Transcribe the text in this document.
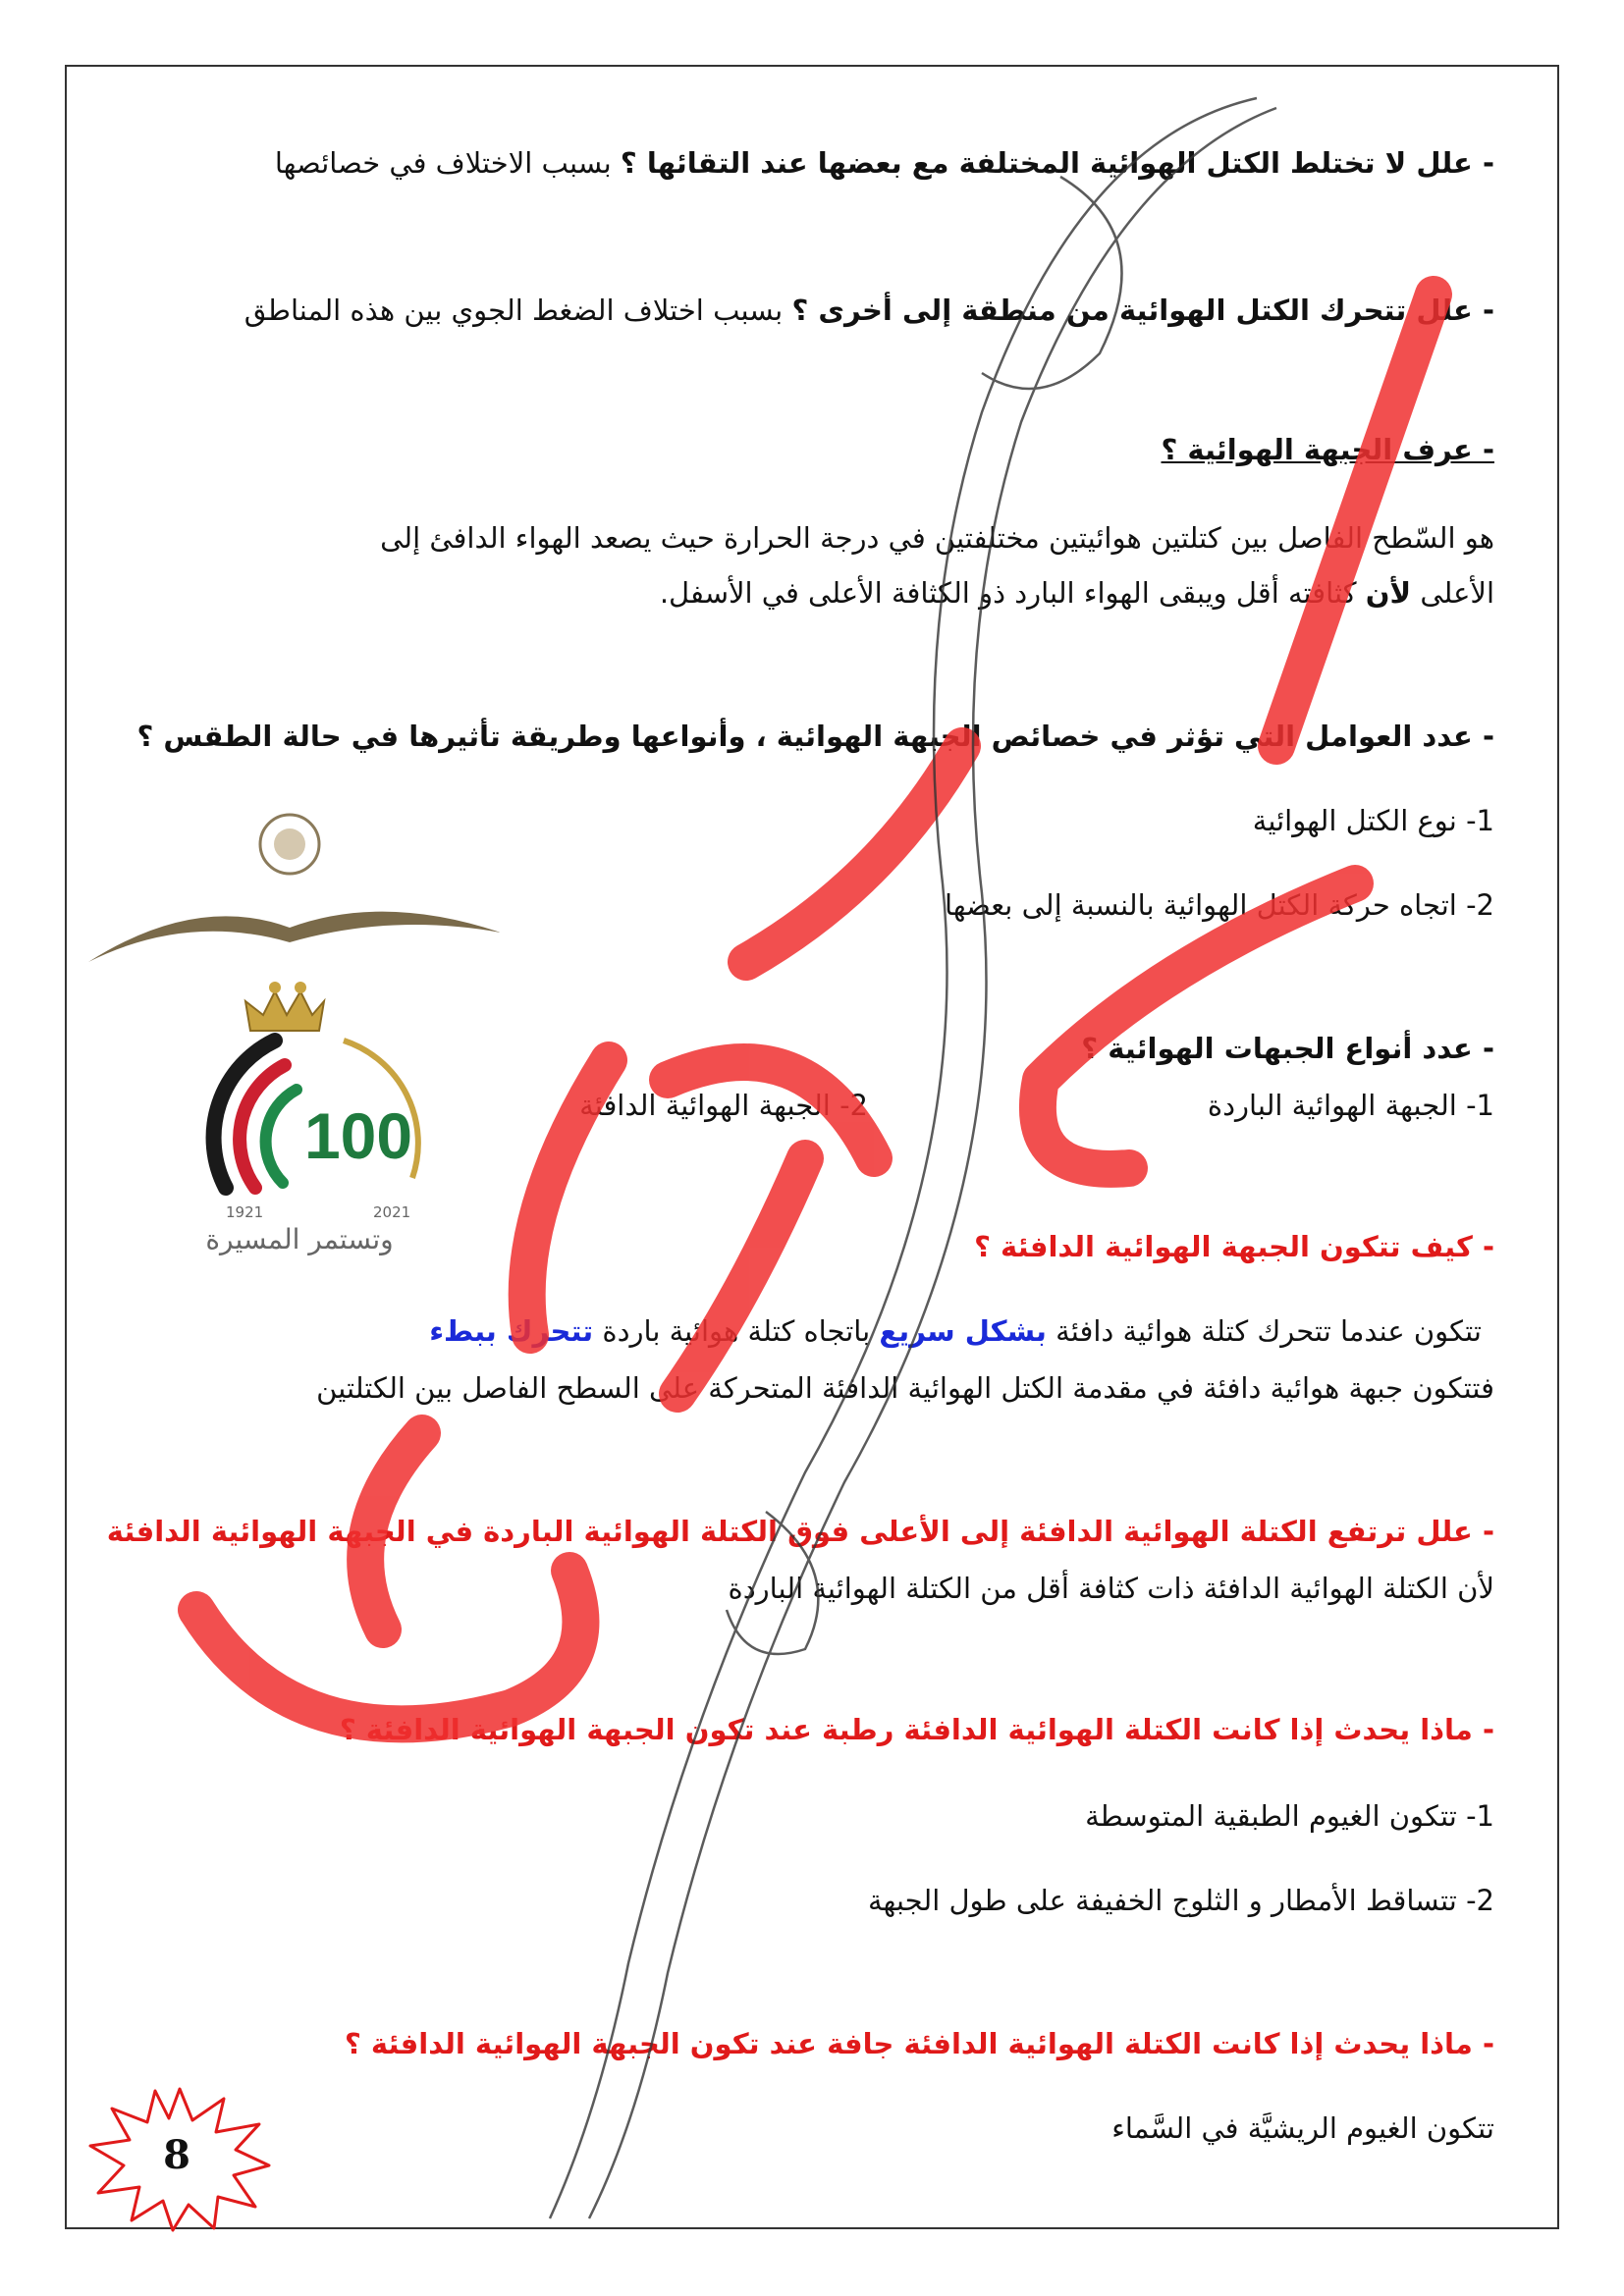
- علل لا تختلط الكتل الهوائية المختلفة مع بعضها عند التقائها ؟ بسبب الاختلاف في خصائصها
- علل تتحرك الكتل الهوائية من منطقة إلى أخرى ؟ بسبب اختلاف الضغط الجوي بين هذه المناطق
- عرف الجبهة الهوائية ؟
هو السّطح الفاصل بين كتلتين هوائيتين مختلفتين في درجة الحرارة حيث يصعد الهواء الدافئ إلى
الأعلى لأن كثافته أقل ويبقى الهواء البارد ذو الكثافة الأعلى في الأسفل.
- عدد العوامل التي تؤثر في خصائص الجبهة الهوائية ، وأنواعها وطريقة تأثيرها في حالة الطقس ؟
1- نوع الكتل الهوائية
2- اتجاه حركة الكتل الهوائية بالنسبة إلى بعضها
- عدد أنواع الجبهات الهوائية ؟
1- الجبهة الهوائية الباردة
2- الجبهة الهوائية الدافئة
- كيف تتكون الجبهة الهوائية الدافئة ؟
تتكون عندما تتحرك كتلة هوائية دافئة بشكل سريع باتجاه كتلة هوائية باردة تتحرك ببطء
فتتكون جبهة هوائية دافئة في مقدمة الكتل الهوائية الدافئة المتحركة على السطح الفاصل بين الكتلتين
- علل ترتفع الكتلة الهوائية الدافئة إلى الأعلى فوق الكتلة الهوائية الباردة في الجبهة الهوائية الدافئة
لأن الكتلة الهوائية الدافئة ذات كثافة أقل من الكتلة الهوائية الباردة
- ماذا يحدث إذا كانت الكتلة الهوائية الدافئة رطبة عند تكون الجبهة الهوائية الدافئة ؟
1- تتكون الغيوم الطبقية المتوسطة
2- تتساقط الأمطار و الثلوج الخفيفة على طول الجبهة
- ماذا يحدث إذا كانت الكتلة الهوائية الدافئة جافة عند تكون الجبهة الهوائية الدافئة ؟
تتكون الغيوم الريشيَّة في السَّماء
100
1921	2021
وتستمر المسيرة
8
